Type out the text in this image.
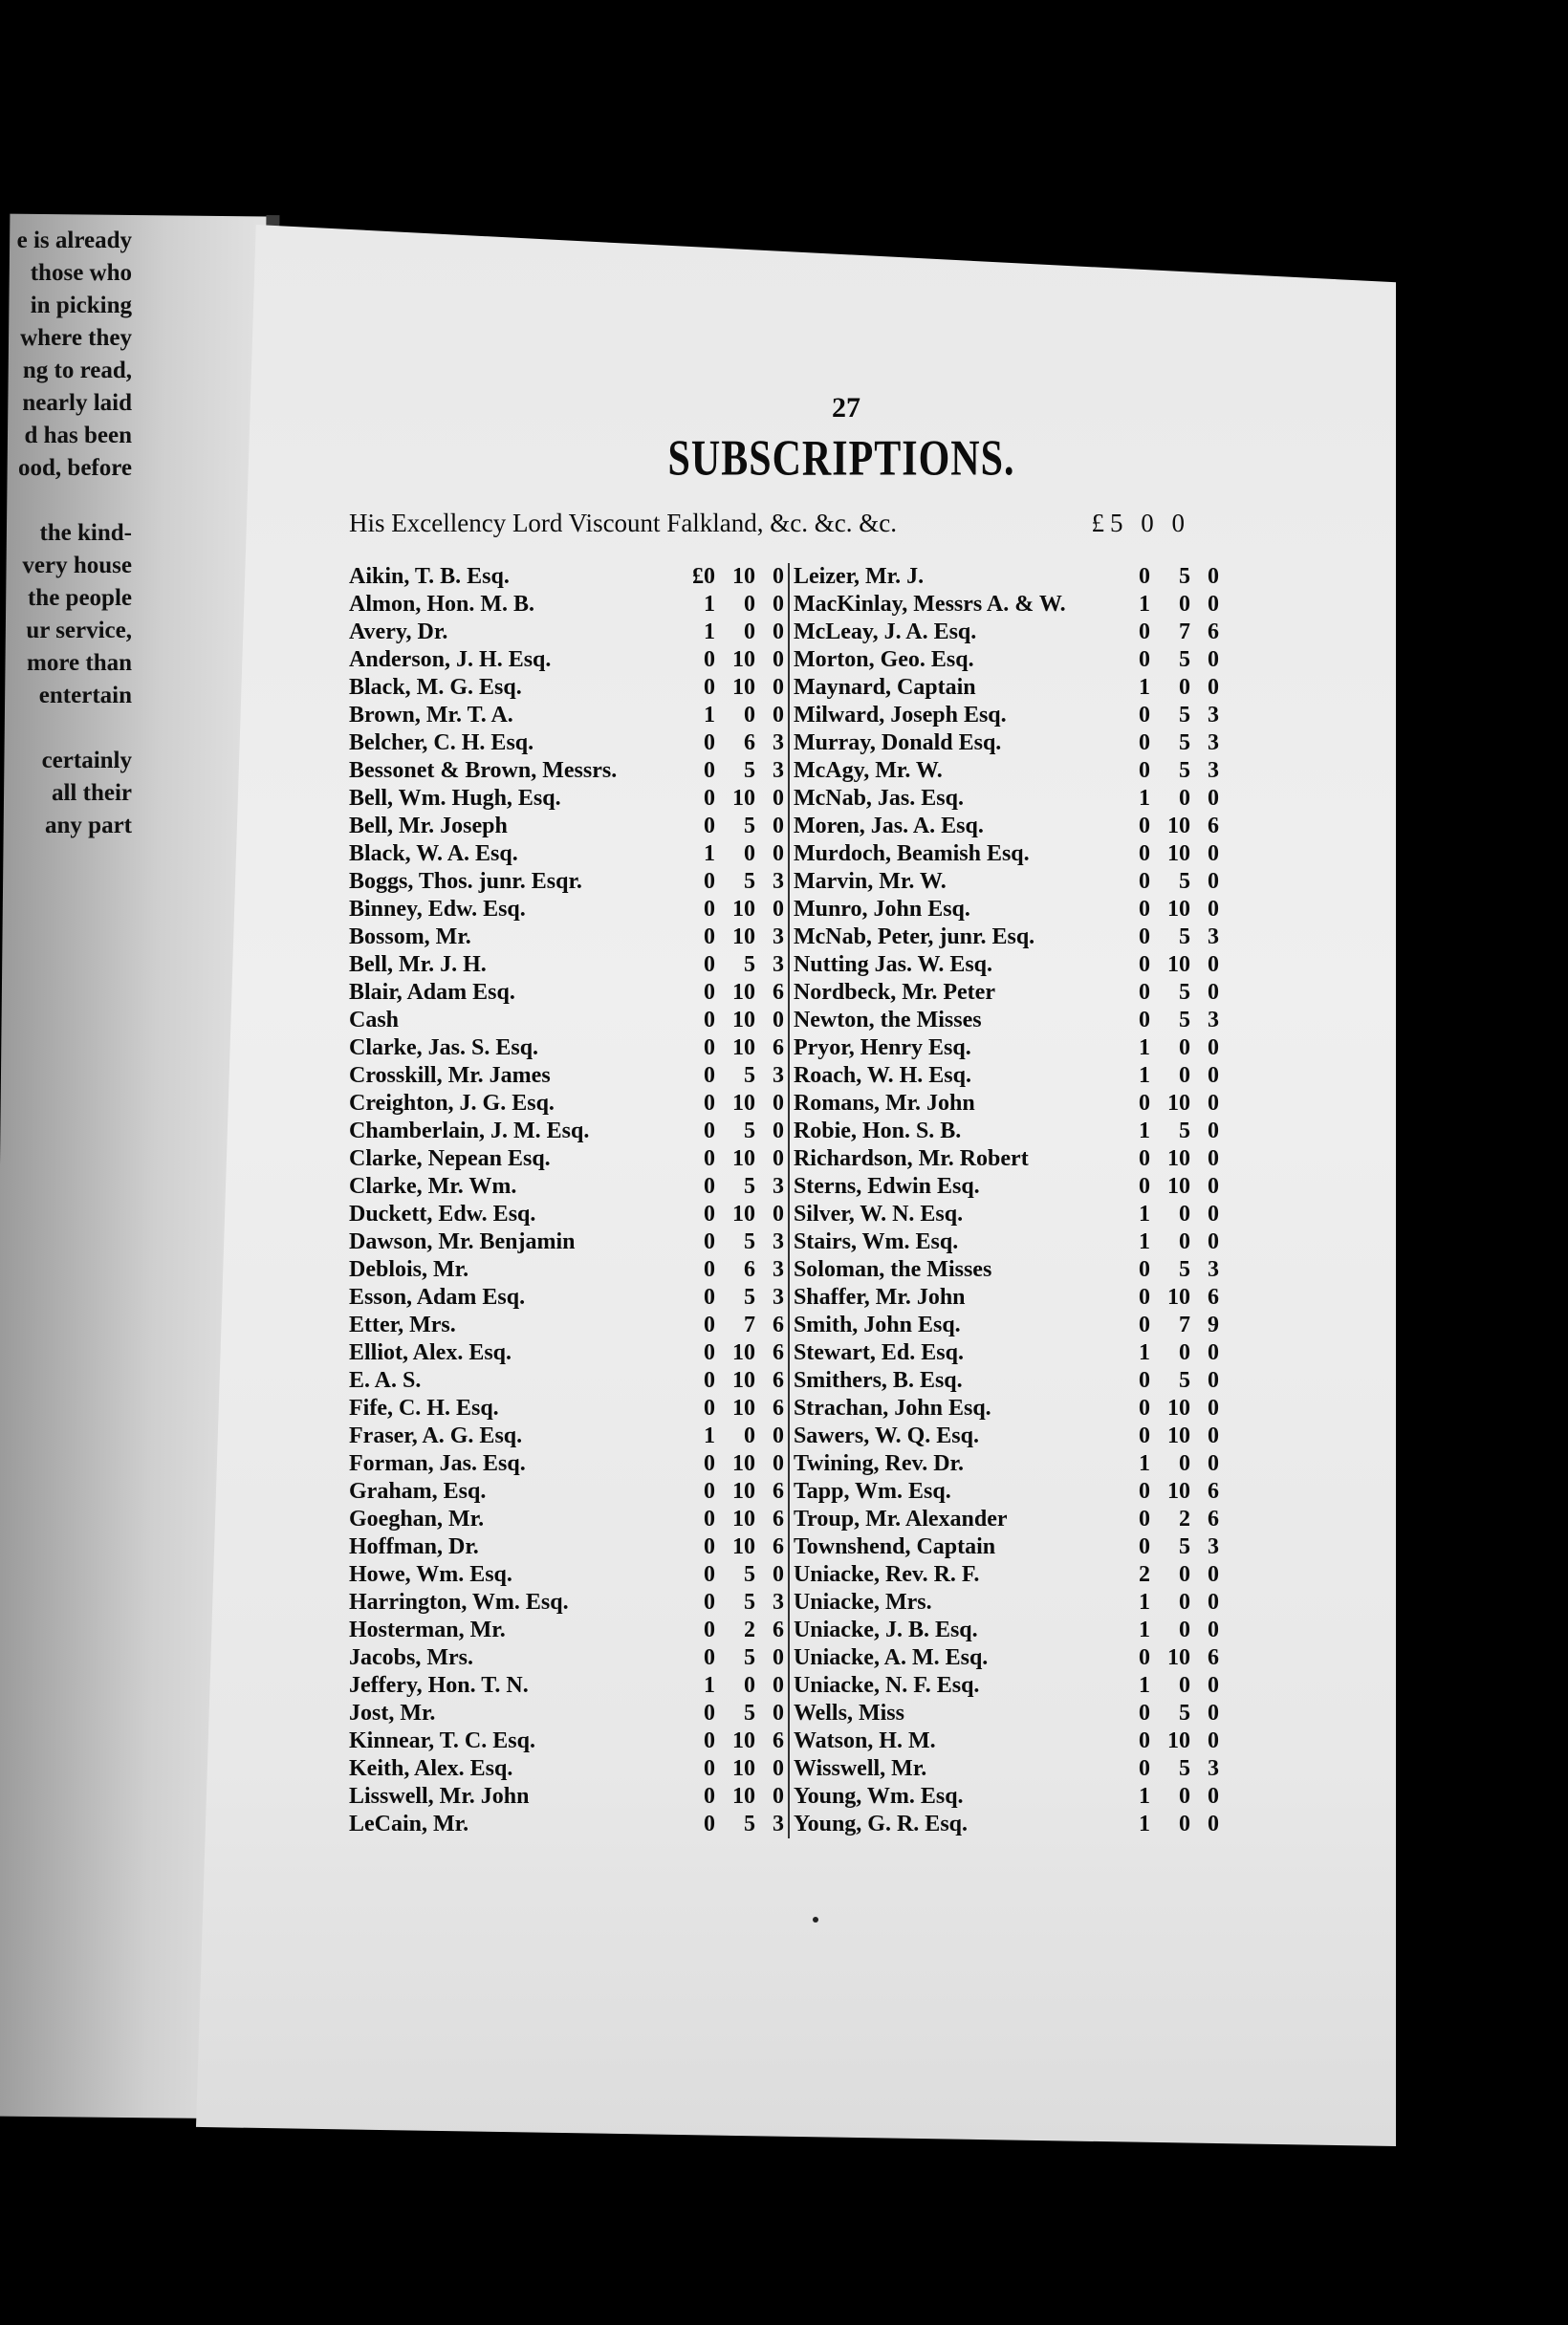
e is already
those who
in picking
where they
ng to read,
nearly laid
d has been
ood, before

the kind-
very house
the people
ur service,
more than
entertain

certainly
all their
any part
27
SUBSCRIPTIONS.
His Excellency Lord Viscount Falkland, &c. &c. &c.	£5 0 0
Aikin, T. B. Esq.	£0 10 0
Almon, Hon. M. B.	1	0 0
Avery, Dr.	1	0 0
Anderson, J. H. Esq.	0 10 0
Black, M. G. Esq.	0 10 0
Brown, Mr. T. A.	1	0 0
Belcher, C. H. Esq.	0	6 3
Bessonet & Brown, Messrs.	0	5 3
Bell, Wm. Hugh, Esq.	0 10 0
Bell, Mr. Joseph	0	5 0
Black, W. A. Esq.	1	0 0
Boggs, Thos. junr. Esqr.	0	5 3
Binney, Edw. Esq.	0 10 0
Bossom, Mr.	0 10 3
Bell, Mr. J. H.	0	5 3
Blair, Adam Esq.	0 10 6
Cash	0 10 0
Clarke, Jas. S. Esq.	0 10 6
Crosskill, Mr. James	0	5 3
Creighton, J. G. Esq.	0 10 0
Chamberlain, J. M. Esq.	0	5 0
Clarke, Nepean Esq.	0 10 0
Clarke, Mr. Wm.	0	5 3
Duckett, Edw. Esq.	0 10 0
Dawson, Mr. Benjamin	0	5 3
Deblois, Mr.	0	6 3
Esson, Adam Esq.	0	5 3
Etter, Mrs.	0	7 6
Elliot, Alex. Esq.	0 10 6
E. A. S.	0 10 6
Fife, C. H. Esq.	0 10 6
Fraser, A. G. Esq.	1	0 0
Forman, Jas. Esq.	0 10 0
Graham, Esq.	0 10 6
Goeghan, Mr.	0 10 6
Hoffman, Dr.	0 10 6
Howe, Wm. Esq.	0	5 0
Harrington, Wm. Esq.	0	5 3
Hosterman, Mr.	0	2 6
Jacobs, Mrs.	0	5 0
Jeffery, Hon. T. N.	1	0 0
Jost, Mr.	0	5 0
Kinnear, T. C. Esq.	0 10 6
Keith, Alex. Esq.	0 10 0
Lisswell, Mr. John	0 10 0
LeCain, Mr.	0	5 3
Leizer, Mr. J.	0	5 0
MacKinlay, Messrs A. & W.	1	0 0
McLeay, J. A. Esq.	0	7 6
Morton, Geo. Esq.	0	5 0
Maynard, Captain	1	0 0
Milward, Joseph Esq.	0	5 3
Murray, Donald Esq.	0	5 3
McAgy, Mr. W.	0	5 3
McNab, Jas. Esq.	1	0 0
Moren, Jas. A. Esq.	0 10 6
Murdoch, Beamish Esq.	0 10 0
Marvin, Mr. W.	0	5 0
Munro, John Esq.	0 10 0
McNab, Peter, junr. Esq.	0	5 3
Nutting Jas. W. Esq.	0 10 0
Nordbeck, Mr. Peter	0	5 0
Newton, the Misses	0	5 3
Pryor, Henry Esq.	1	0 0
Roach, W. H. Esq.	1	0 0
Romans, Mr. John	0 10 0
Robie, Hon. S. B.	1	5 0
Richardson, Mr. Robert	0 10 0
Sterns, Edwin Esq.	0 10 0
Silver, W. N. Esq.	1	0 0
Stairs, Wm. Esq.	1	0 0
Soloman, the Misses	0	5 3
Shaffer, Mr. John	0 10 6
Smith, John Esq.	0	7 9
Stewart, Ed. Esq.	1	0 0
Smithers, B. Esq.	0	5 0
Strachan, John Esq.	0 10 0
Sawers, W. Q. Esq.	0 10 0
Twining, Rev. Dr.	1	0 0
Tapp, Wm. Esq.	0 10 6
Troup, Mr. Alexander	0	2 6
Townshend, Captain	0	5 3
Uniacke, Rev. R. F.	2	0 0
Uniacke, Mrs.	1	0 0
Uniacke, J. B. Esq.	1	0 0
Uniacke, A. M. Esq.	0 10 6
Uniacke, N. F. Esq.	1	0 0
Wells, Miss	0	5 0
Watson, H. M.	0 10 0
Wisswell, Mr.	0	5 3
Young, Wm. Esq.	1	0 0
Young, G. R. Esq.	1	0 0
